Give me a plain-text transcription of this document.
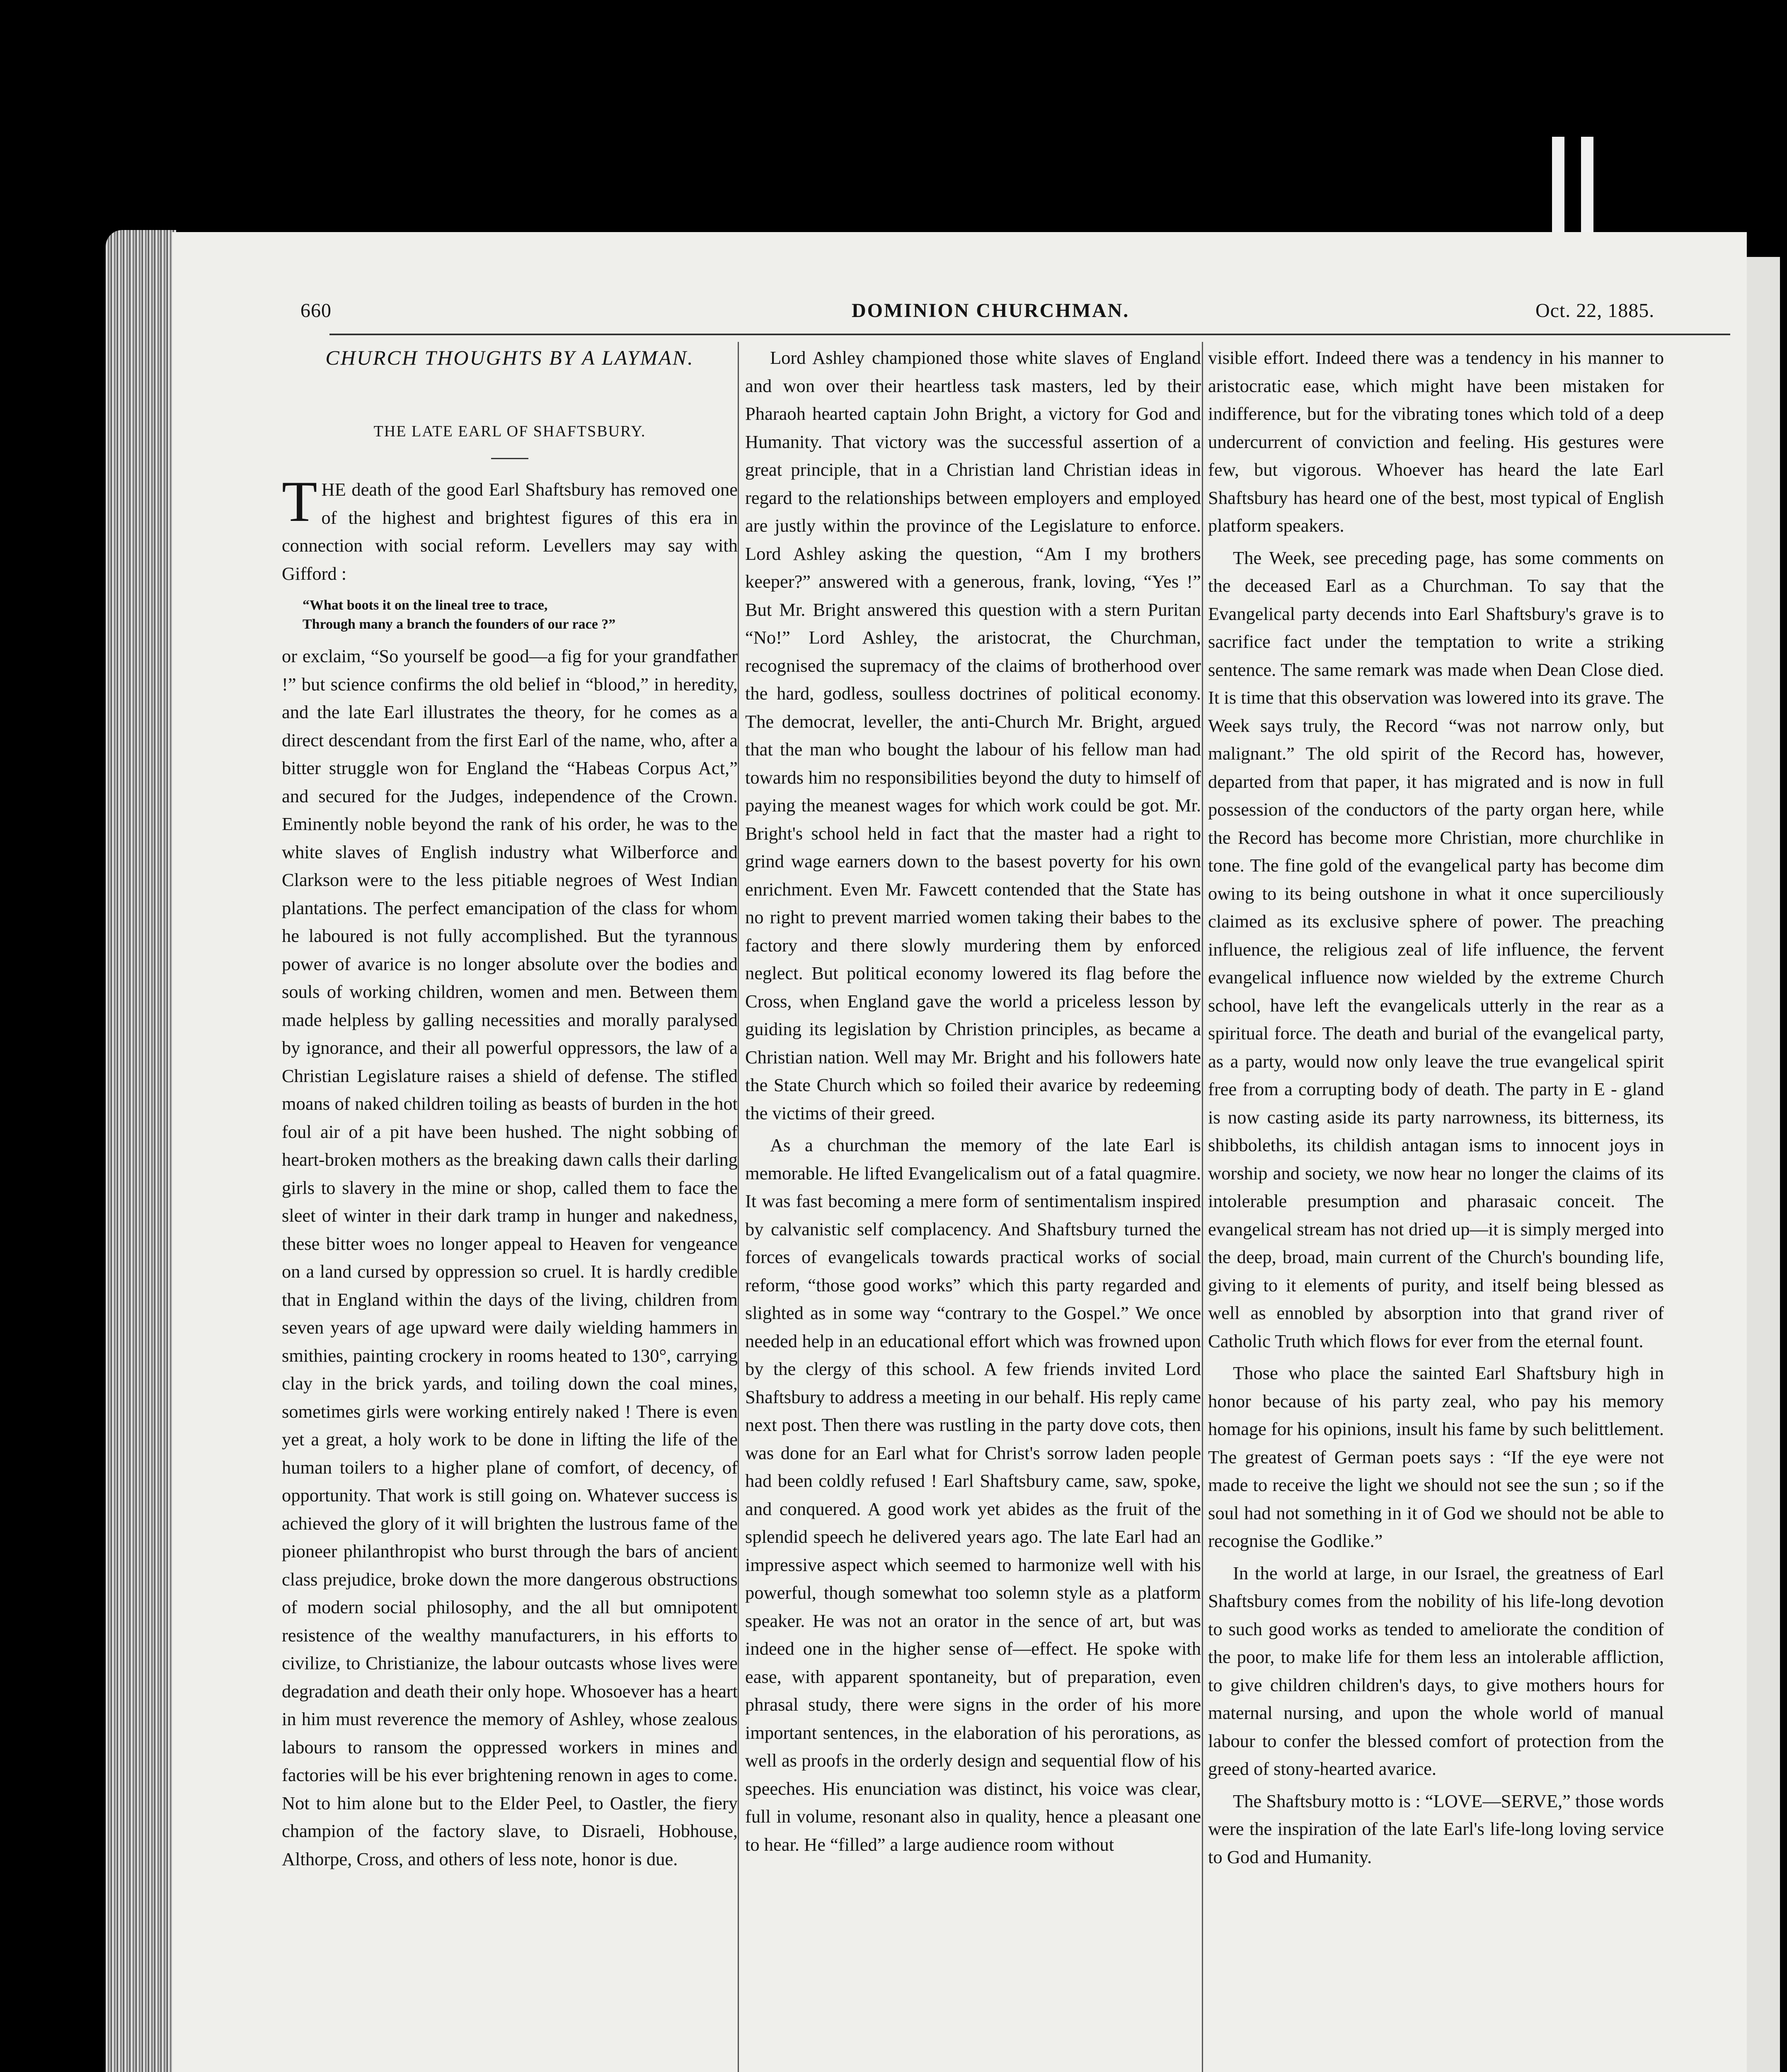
660	DOMINION CHURCHMAN.	Oct. 22, 1885.
CHURCH THOUGHTS BY A LAYMAN.
THE LATE EARL OF SHAFTSBURY.

THE death of the good Earl Shaftsbury has removed one of the highest and brightest figures of this era in connection with social reform. Levellers may say with Gifford :

“What boots it on the lineal tree to trace,
Through many a branch the founders of our race ?”

or exclaim, “So yourself be good—a fig for your grandfather !” but science confirms the old belief in “blood,” in heredity, and the late Earl illustrates the theory, for he comes as a direct descendant from the first Earl of the name, who, after a bitter struggle won for England the “Habeas Corpus Act,” and secured for the Judges, independence of the Crown. Eminently noble beyond the rank of his order, he was to the white slaves of English industry what Wilberforce and Clarkson were to the less pitiable negroes of West Indian plantations. The perfect emancipation of the class for whom he laboured is not fully accomplished. But the tyrannous power of avarice is no longer absolute over the bodies and souls of working children, women and men. Between them made helpless by galling necessities and morally paralysed by ignorance, and their all powerful oppressors, the law of a Christian Legislature raises a shield of defense. The stifled moans of naked children toiling as beasts of burden in the hot foul air of a pit have been hushed. The night sobbing of heart-broken mothers as the breaking dawn calls their darling girls to slavery in the mine or shop, called them to face the sleet of winter in their dark tramp in hunger and nakedness, these bitter woes no longer appeal to Heaven for vengeance on a land cursed by oppression so cruel. It is hardly credible that in England within the days of the living, children from seven years of age upward were daily wielding hammers in smithies, painting crockery in rooms heated to 130°, carrying clay in the brick yards, and toiling down the coal mines, sometimes girls were working entirely naked ! There is even yet a great, a holy work to be done in lifting the life of the human toilers to a higher plane of comfort, of decency, of opportunity. That work is still going on. Whatever success is achieved the glory of it will brighten the lustrous fame of the pioneer philanthropist who burst through the bars of ancient class prejudice, broke down the more dangerous obstructions of modern social philosophy, and the all but omnipotent resistence of the wealthy manufacturers, in his efforts to civilize, to Christianize, the labour outcasts whose lives were degradation and death their only hope. Whosoever has a heart in him must reverence the memory of Ashley, whose zealous labours to ransom the oppressed workers in mines and factories will be his ever brightening renown in ages to come. Not to him alone but to the Elder Peel, to Oastler, the fiery champion of the factory slave, to Disraeli, Hobhouse, Althorpe, Cross, and others of less note, honor is due.

Lord Ashley championed those white slaves of England and won over their heartless task masters, led by their Pharaoh hearted captain John Bright, a victory for God and Humanity. That victory was the successful assertion of a great principle, that in a Christian land Christian ideas in regard to the relationships between employers and employed are justly within the province of the Legislature to enforce. Lord Ashley asking the question, “Am I my brothers keeper?” answered with a generous, frank, loving, “Yes !” But Mr. Bright answered this question with a stern Puritan “No!” Lord Ashley, the aristocrat, the Churchman, recognised the supremacy of the claims of brotherhood over the hard, godless, soulless doctrines of political economy. The democrat, leveller, the anti-Church Mr. Bright, argued that the man who bought the labour of his fellow man had towards him no responsibilities beyond the duty to himself of paying the meanest wages for which work could be got. Mr. Bright's school held in fact that the master had a right to grind wage earners down to the basest poverty for his own enrichment. Even Mr. Fawcett contended that the State has no right to prevent married women taking their babes to the factory and there slowly murdering them by enforced neglect. But political economy lowered its flag before the Cross, when England gave the world a priceless lesson by guiding its legislation by Christion principles, as became a Christian nation. Well may Mr. Bright and his followers hate the State Church which so foiled their avarice by redeeming the victims of their greed.

As a churchman the memory of the late Earl is memorable. He lifted Evangelicalism out of a fatal quagmire. It was fast becoming a mere form of sentimentalism inspired by calvanistic self complacency. And Shaftsbury turned the forces of evangelicals towards practical works of social reform, “those good works” which this party regarded and slighted as in some way “contrary to the Gospel.” We once needed help in an educational effort which was frowned upon by the clergy of this school. A few friends invited Lord Shaftsbury to address a meeting in our behalf. His reply came next post. Then there was rustling in the party dove cots, then was done for an Earl what for Christ's sorrow laden people had been coldly refused ! Earl Shaftsbury came, saw, spoke, and conquered. A good work yet abides as the fruit of the splendid speech he delivered years ago. The late Earl had an impressive aspect which seemed to harmonize well with his powerful, though somewhat too solemn style as a platform speaker. He was not an orator in the sence of art, but was indeed one in the higher sense of—effect. He spoke with ease, with apparent spontaneity, but of preparation, even phrasal study, there were signs in the order of his more important sentences, in the elaboration of his perorations, as well as proofs in the orderly design and sequential flow of his speeches. His enunciation was distinct, his voice was clear, full in volume, resonant also in quality, hence a pleasant one to hear. He “filled” a large audience room without

visible effort. Indeed there was a tendency in his manner to aristocratic ease, which might have been mistaken for indifference, but for the vibrating tones which told of a deep undercurrent of conviction and feeling. His gestures were few, but vigorous. Whoever has heard the late Earl Shaftsbury has heard one of the best, most typical of English platform speakers.

The Week, see preceding page, has some comments on the deceased Earl as a Churchman. To say that the Evangelical party decends into Earl Shaftsbury's grave is to sacrifice fact under the temptation to write a striking sentence. The same remark was made when Dean Close died. It is time that this observation was lowered into its grave. The Week says truly, the Record “was not narrow only, but malignant.” The old spirit of the Record has, however, departed from that paper, it has migrated and is now in full possession of the conductors of the party organ here, while the Record has become more Christian, more churchlike in tone. The fine gold of the evangelical party has become dim owing to its being outshone in what it once superciliously claimed as its exclusive sphere of power. The preaching influence, the religious zeal of life influence, the fervent evangelical influence now wielded by the extreme Church school, have left the evangelicals utterly in the rear as a spiritual force. The death and burial of the evangelical party, as a party, would now only leave the true evangelical spirit free from a corrupting body of death. The party in E - gland is now casting aside its party narrowness, its bitterness, its shibboleths, its childish antagan isms to innocent joys in worship and society, we now hear no longer the claims of its intolerable presumption and pharasaic conceit. The evangelical stream has not dried up—it is simply merged into the deep, broad, main current of the Church's bounding life, giving to it elements of purity, and itself being blessed as well as ennobled by absorption into that grand river of Catholic Truth which flows for ever from the eternal fount.

Those who place the sainted Earl Shaftsbury high in honor because of his party zeal, who pay his memory homage for his opinions, insult his fame by such belittlement. The greatest of German poets says : “If the eye were not made to receive the light we should not see the sun ; so if the soul had not something in it of God we should not be able to recognise the Godlike.”

In the world at large, in our Israel, the greatness of Earl Shaftsbury comes from the nobility of his life-long devotion to such good works as tended to ameliorate the condition of the poor, to make life for them less an intolerable affliction, to give children children's days, to give mothers hours for maternal nursing, and upon the whole world of manual labour to confer the blessed comfort of protection from the greed of stony-hearted avarice.

The Shaftsbury motto is : “LOVE—SERVE,” those words were the inspiration of the late Earl's life-long loving service to God and Humanity.
